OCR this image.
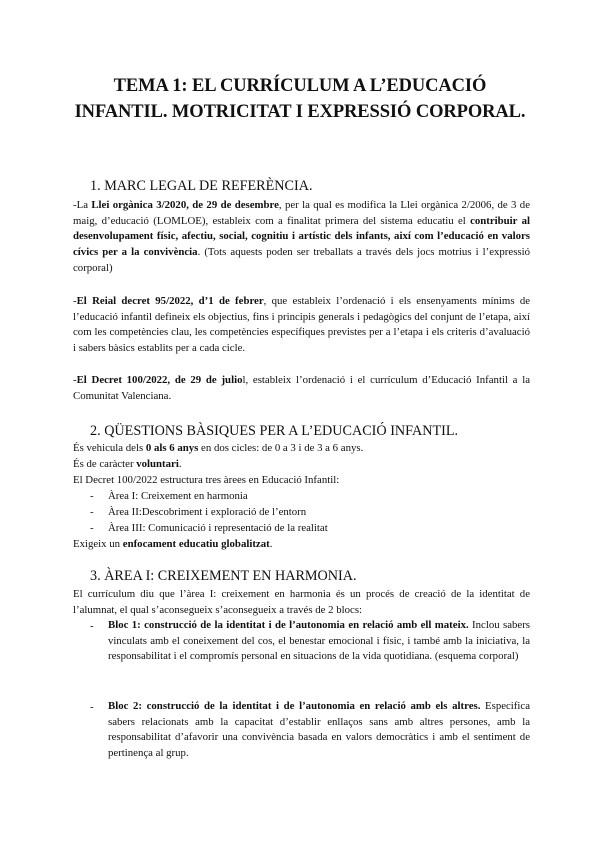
TEMA 1: EL CURRÍCULUM A L’EDUCACIÓ INFANTIL. MOTRICITAT I EXPRESSIÓ CORPORAL.
1. MARC LEGAL DE REFERÈNCIA.

-La Llei orgànica 3/2020, de 29 de desembre, per la qual es modifica la Llei orgànica 2/2006, de 3 de maig, d’educació (LOMLOE), estableix com a finalitat primera del sistema educatiu el contribuir al desenvolupament físic, afectiu, social, cognitiu i artístic dels infants, així com l’educació en valors cívics per a la convivència. (Tots aquests poden ser treballats a través dels jocs motrius i l’expressió corporal)

-El Reial decret 95/2022, d’1 de febrer, que estableix l’ordenació i els ensenyaments mínims de l’educació infantil defineix els objectius, fins i principis generals i pedagògics del conjunt de l’etapa, així com les competències clau, les competències específiques previstes per a l’etapa i els criteris d’avaluació i sabers bàsics establits per a cada cicle.

-El Decret 100/2022, de 29 de juliol, estableix l’ordenació i el currículum d’Educació Infantil a la Comunitat Valenciana.

2. QÜESTIONS BÀSIQUES PER A L’EDUCACIÓ INFANTIL.

És vehicula dels 0 als 6 anys en dos cicles: de 0 a 3 i de 3 a 6 anys.

És de caràcter voluntari.

El Decret 100/2022 estructura tres àrees en Educació Infantil:

- Àrea I: Creixement en harmonia
- Àrea II:Descobriment i exploració de l’entorn
- Àrea III: Comunicació i representació de la realitat

Exigeix un enfocament educatiu globalitzat.

3. ÀREA I: CREIXEMENT EN HARMONIA.

El currículum diu que l’àrea I: creixement en harmonia és un procés de creació de la identitat de l’alumnat, el qual s’aconsegueix s’aconsegueix a través de 2 blocs:

- Bloc 1: construcció de la identitat i de l’autonomia en relació amb ell mateix. Inclou sabers vinculats amb el coneixement del cos, el benestar emocional i físic, i també amb la iniciativa, la responsabilitat i el compromís personal en situacions de la vida quotidiana. (esquema corporal)

- Bloc 2: construcció de la identitat i de l’autonomia en relació amb els altres. Especifica sabers relacionats amb la capacitat d’establir enllaços sans amb altres persones, amb la responsabilitat d’afavorir una convivència basada en valors democràtics i amb el sentiment de pertinença al grup.
